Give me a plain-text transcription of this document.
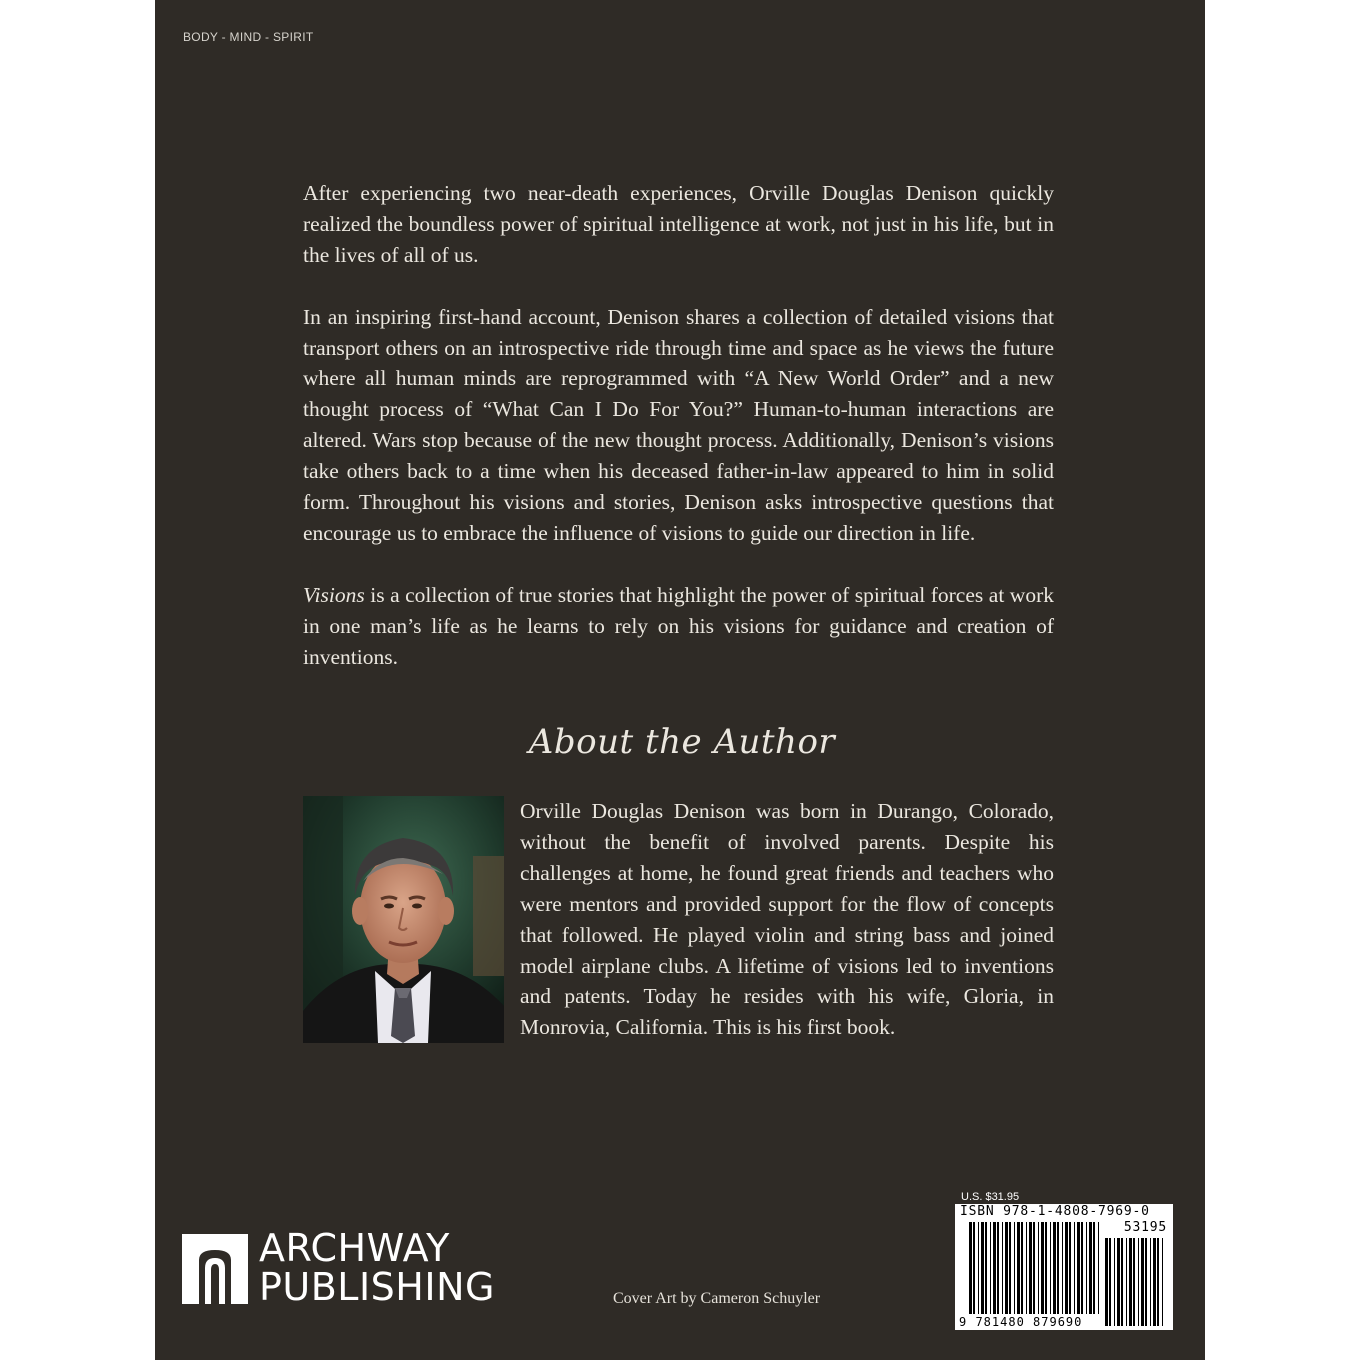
BODY - MIND - SPIRIT

After experiencing two near-death experiences, Orville Douglas Denison quickly realized the boundless power of spiritual intelligence at work, not just in his life, but in the lives of all of us.

In an inspiring first-hand account, Denison shares a collection of detailed visions that transport others on an introspective ride through time and space as he views the future where all human minds are reprogrammed with “A New World Order” and a new thought process of “What Can I Do For You?” Human-to-human interactions are altered. Wars stop because of the new thought process. Additionally, Denison’s visions take others back to a time when his deceased father-in-law appeared to him in solid form. Throughout his visions and stories, Denison asks introspective questions that encourage us to embrace the influence of visions to guide our direction in life.

Visions is a collection of true stories that highlight the power of spiritual forces at work in one man’s life as he learns to rely on his visions for guidance and creation of inventions.

About the Author

Orville Douglas Denison was born in Durango, Colorado, without the benefit of involved parents. Despite his challenges at home, he found great friends and teachers who were mentors and provided support for the flow of concepts that followed. He played violin and string bass and joined model airplane clubs. A lifetime of visions led to inventions and patents. Today he resides with his wife, Gloria, in Monrovia, California. This is his first book.

ARCHWAY
PUBLISHING	Cover Art by Cameron Schuyler
U.S. $31.95
ISBN 978-1-4808-7969-0
53195
9 781480 879690
